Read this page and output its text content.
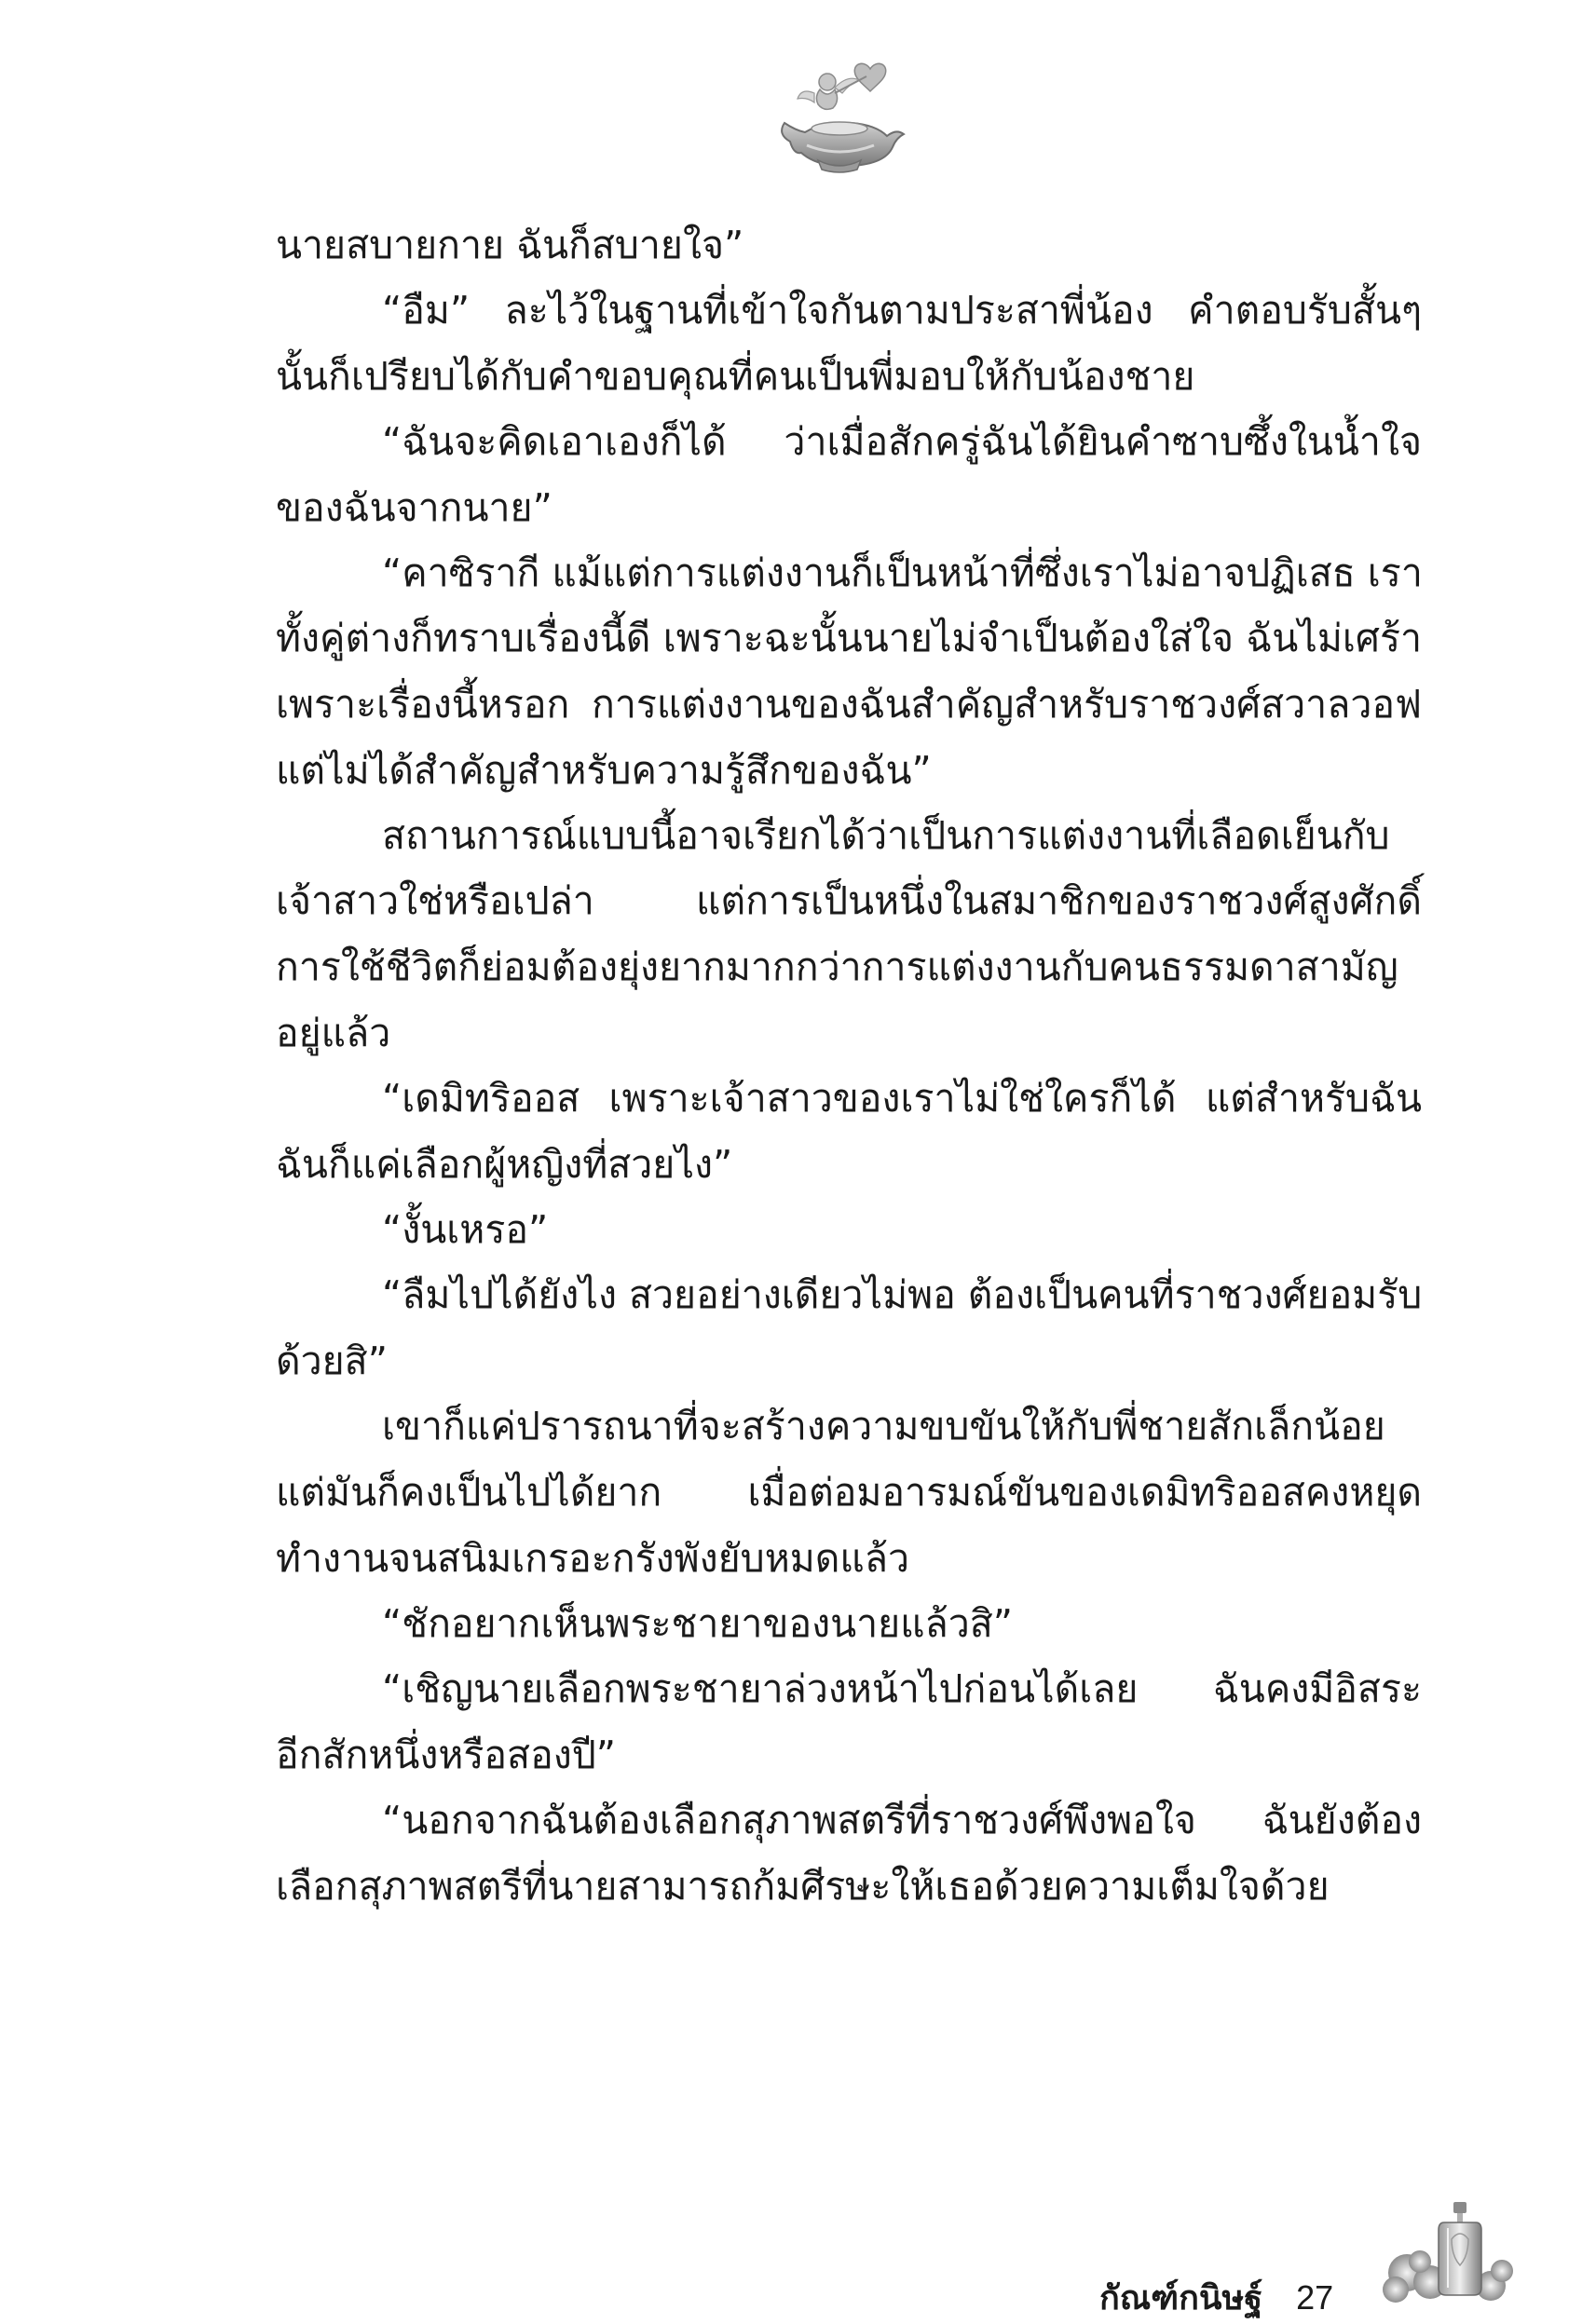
นายสบายกาย ฉันก็สบายใจ”
“อืม” ละไว้ในฐานที่เข้าใจกันตามประสาพี่น้อง คำตอบรับสั้นๆ
นั้นก็เปรียบได้กับคำขอบคุณที่คนเป็นพี่มอบให้กับน้องชาย
“ฉันจะคิดเอาเองก็ได้ ว่าเมื่อสักครู่ฉันได้ยินคำซาบซึ้งในน้ำใจ
ของฉันจากนาย”
“คาซิรากี แม้แต่การแต่งงานก็เป็นหน้าที่ซึ่งเราไม่อาจปฏิเสธ เรา
ทั้งคู่ต่างก็ทราบเรื่องนี้ดี เพราะฉะนั้นนายไม่จำเป็นต้องใส่ใจ ฉันไม่เศร้า
เพราะเรื่องนี้หรอก การแต่งงานของฉันสำคัญสำหรับราชวงศ์สวาลวอฟ
แต่ไม่ได้สำคัญสำหรับความรู้สึกของฉัน”
สถานการณ์แบบนี้อาจเรียกได้ว่าเป็นการแต่งงานที่เลือดเย็นกับ
เจ้าสาวใช่หรือเปล่า แต่การเป็นหนึ่งในสมาชิกของราชวงศ์สูงศักดิ์
การใช้ชีวิตก็ย่อมต้องยุ่งยากมากกว่าการแต่งงานกับคนธรรมดาสามัญ
อยู่แล้ว
“เดมิทริออส เพราะเจ้าสาวของเราไม่ใช่ใครก็ได้ แต่สำหรับฉัน
ฉันก็แค่เลือกผู้หญิงที่สวยไง”
“งั้นเหรอ”
“ลืมไปได้ยังไง สวยอย่างเดียวไม่พอ ต้องเป็นคนที่ราชวงศ์ยอมรับ
ด้วยสิ”
เขาก็แค่ปรารถนาที่จะสร้างความขบขันให้กับพี่ชายสักเล็กน้อย
แต่มันก็คงเป็นไปได้ยาก เมื่อต่อมอารมณ์ขันของเดมิทริออสคงหยุด
ทำงานจนสนิมเกรอะกรังพังยับหมดแล้ว
“ชักอยากเห็นพระชายาของนายแล้วสิ”
“เชิญนายเลือกพระชายาล่วงหน้าไปก่อนได้เลย ฉันคงมีอิสระ
อีกสักหนึ่งหรือสองปี”
“นอกจากฉันต้องเลือกสุภาพสตรีที่ราชวงศ์พึงพอใจ ฉันยังต้อง
เลือกสุภาพสตรีที่นายสามารถก้มศีรษะให้เธอด้วยความเต็มใจด้วย
กัณฑ์กนิษฐ์ 27
